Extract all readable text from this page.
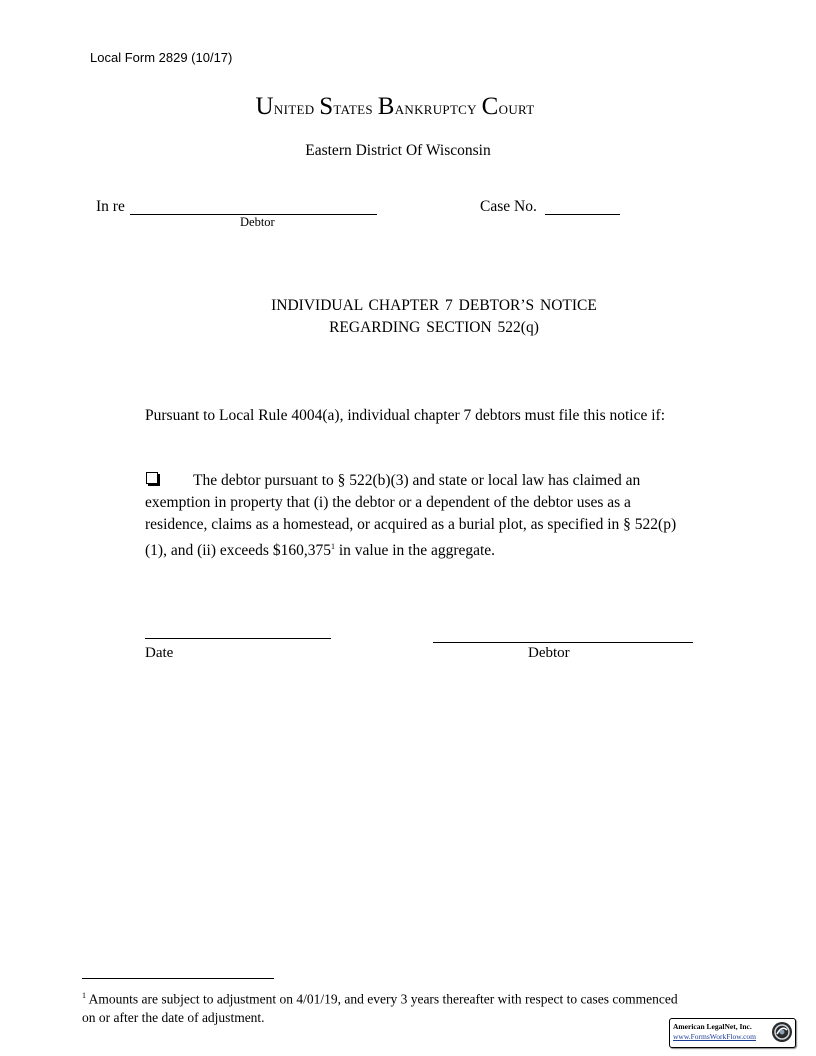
Local Form 2829 (10/17)
United States Bankruptcy Court
Eastern District Of Wisconsin
In re
Debtor
Case No.
INDIVIDUAL CHAPTER 7 DEBTOR’S NOTICE
REGARDING SECTION 522(q)
Pursuant to Local Rule 4004(a), individual chapter 7 debtors must file this notice if:
The debtor pursuant to § 522(b)(3) and state or local law has claimed an exemption in property that (i) the debtor or a dependent of the debtor uses as a residence, claims as a homestead, or acquired as a burial plot, as specified in § 522(p)(1), and (ii) exceeds $160,375$^1$ in value in the aggregate.
Date	Debtor
$^1$ Amounts are subject to adjustment on 4/01/19, and every 3 years thereafter with respect to cases commenced on or after the date of adjustment.
American LegalNet, Inc.
www.FormsWorkFlow.com
